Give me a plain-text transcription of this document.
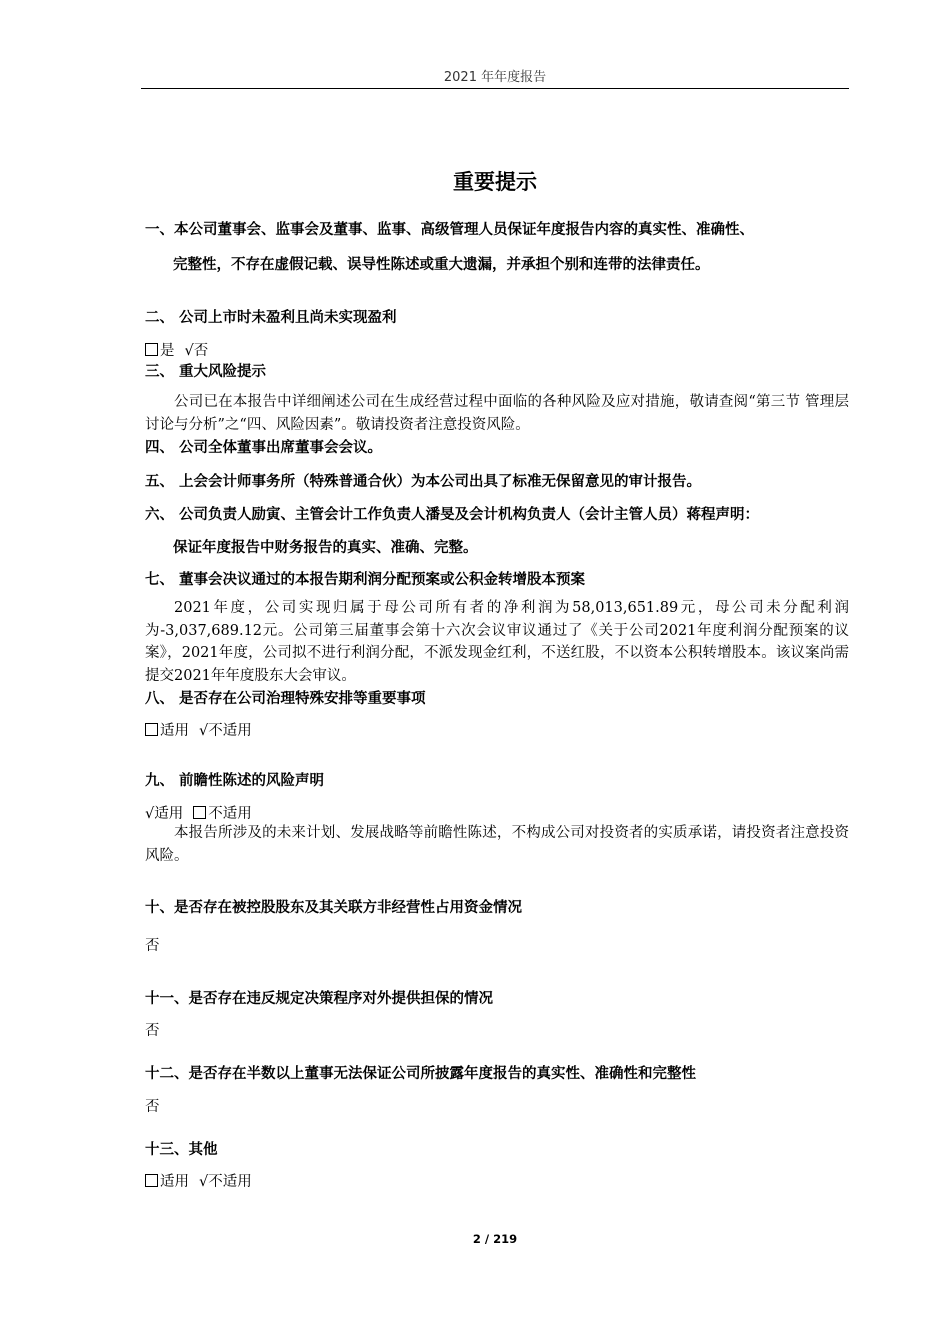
2021 年年度报告
重要提示
一、本公司董事会、监事会及董事、监事、高级管理人员保证年度报告内容的真实性、准确性、
完整性，不存在虚假记载、误导性陈述或重大遗漏，并承担个别和连带的法律责任。
二、 公司上市时未盈利且尚未实现盈利
是 √否
三、 重大风险提示
公司已在本报告中详细阐述公司在生成经营过程中面临的各种风险及应对措施，敬请查阅“第三节 管理层讨论与分析”之“四、风险因素”。敬请投资者注意投资风险。
四、 公司全体董事出席董事会会议。
五、 上会会计师事务所（特殊普通合伙）为本公司出具了标准无保留意见的审计报告。
六、 公司负责人励寅、主管会计工作负责人潘旻及会计机构负责人（会计主管人员）蒋程声明：
保证年度报告中财务报告的真实、准确、完整。
七、 董事会决议通过的本报告期利润分配预案或公积金转增股本预案
2021年度，公司实现归属于母公司所有者的净利润为58,013,651.89元，母公司未分配利润为-3,037,689.12元。公司第三届董事会第十六次会议审议通过了《关于公司2021年度利润分配预案的议案》，2021年度，公司拟不进行利润分配，不派发现金红利，不送红股，不以资本公积转增股本。该议案尚需提交2021年年度股东大会审议。
八、 是否存在公司治理特殊安排等重要事项
适用 √不适用
九、 前瞻性陈述的风险声明
√适用 不适用
本报告所涉及的未来计划、发展战略等前瞻性陈述，不构成公司对投资者的实质承诺，请投资者注意投资风险。
十、是否存在被控股股东及其关联方非经营性占用资金情况
否
十一、是否存在违反规定决策程序对外提供担保的情况
否
十二、是否存在半数以上董事无法保证公司所披露年度报告的真实性、准确性和完整性
否
十三、其他
适用 √不适用
2 / 219
